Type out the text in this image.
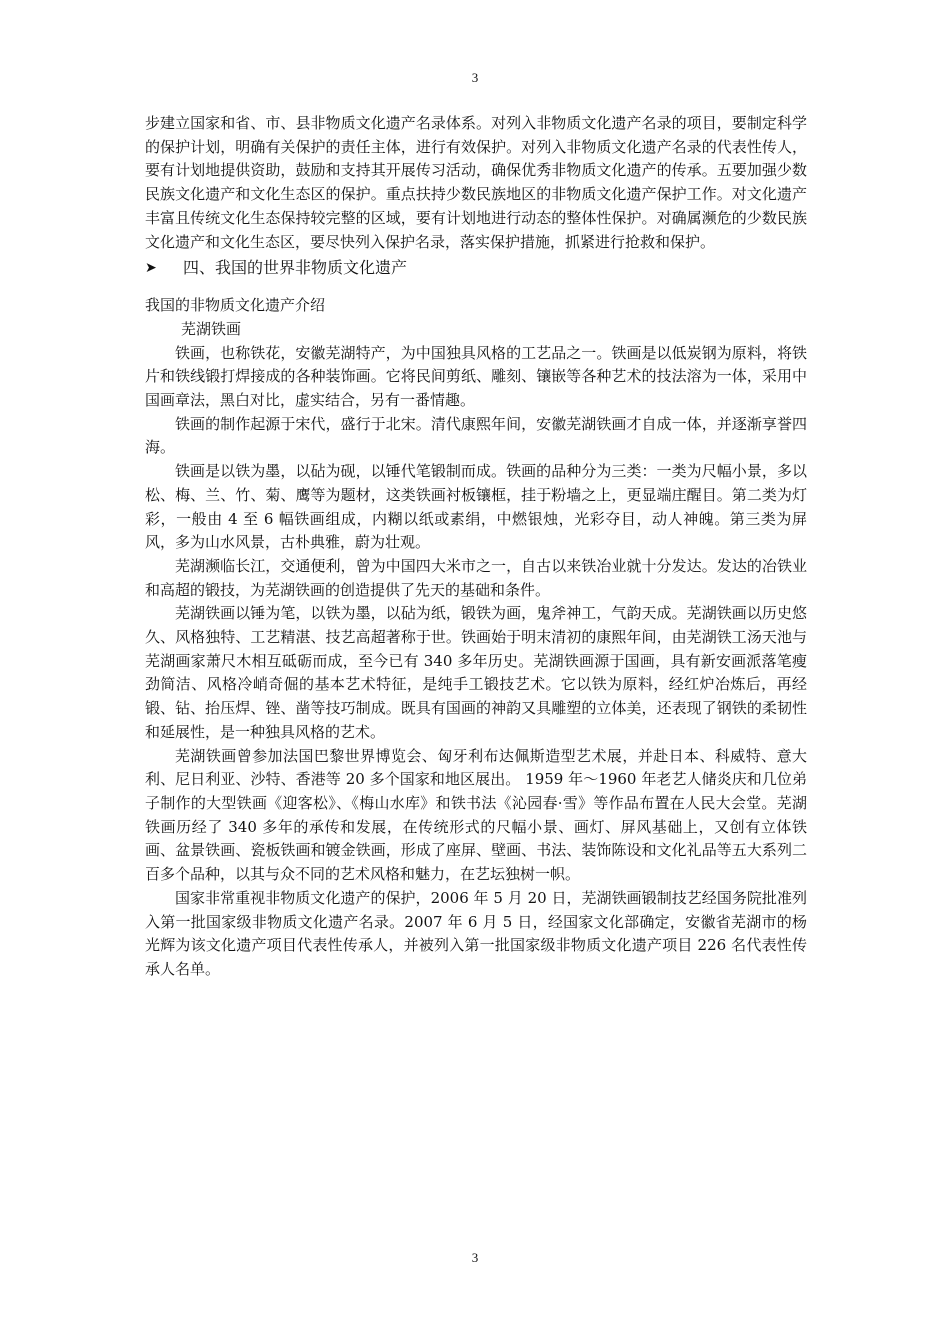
3

步建立国家和省、市、县非物质文化遗产名录体系。对列入非物质文化遗产名录的项目，要制定科学的保护计划，明确有关保护的责任主体，进行有效保护。对列入非物质文化遗产名录的代表性传人，要有计划地提供资助，鼓励和支持其开展传习活动，确保优秀非物质文化遗产的传承。五要加强少数民族文化遗产和文化生态区的保护。重点扶持少数民族地区的非物质文化遗产保护工作。对文化遗产丰富且传统文化生态保持较完整的区域，要有计划地进行动态的整体性保护。对确属濒危的少数民族文化遗产和文化生态区，要尽快列入保护名录，落实保护措施，抓紧进行抢救和保护。

➤	四、我国的世界非物质文化遗产

我国的非物质文化遗产介绍

芜湖铁画

铁画，也称铁花，安徽芜湖特产，为中国独具风格的工艺品之一。铁画是以低炭钢为原料，将铁片和铁线锻打焊接成的各种装饰画。它将民间剪纸、雕刻、镶嵌等各种艺术的技法溶为一体，采用中国画章法，黑白对比，虚实结合，另有一番情趣。

铁画的制作起源于宋代，盛行于北宋。清代康熙年间，安徽芜湖铁画才自成一体，并逐渐享誉四海。

铁画是以铁为墨，以砧为砚，以锤代笔锻制而成。铁画的品种分为三类：一类为尺幅小景，多以松、梅、兰、竹、菊、鹰等为题材，这类铁画衬板镶框，挂于粉墙之上，更显端庄醒目。第二类为灯彩，一般由 4 至 6 幅铁画组成，内糊以纸或素绢，中燃银烛，光彩夺目，动人神魄。第三类为屏风，多为山水风景，古朴典雅，蔚为壮观。

芜湖濒临长江，交通便利，曾为中国四大米市之一，自古以来铁冶业就十分发达。发达的冶铁业和高超的锻技，为芜湖铁画的创造提供了先天的基础和条件。

芜湖铁画以锤为笔，以铁为墨，以砧为纸，锻铁为画，鬼斧神工，气韵天成。芜湖铁画以历史悠久、风格独特、工艺精湛、技艺高超著称于世。铁画始于明末清初的康熙年间，由芜湖铁工汤天池与芜湖画家萧尺木相互砥砺而成，至今已有 340 多年历史。芜湖铁画源于国画，具有新安画派落笔瘦劲简洁、风格冷峭奇倔的基本艺术特征，是纯手工锻技艺术。它以铁为原料，经红炉冶炼后，再经锻、钻、抬压焊、锉、凿等技巧制成。既具有国画的神韵又具雕塑的立体美，还表现了钢铁的柔韧性和延展性，是一种独具风格的艺术。

芜湖铁画曾参加法国巴黎世界博览会、匈牙利布达佩斯造型艺术展，并赴日本、科威特、意大利、尼日利亚、沙特、香港等 20 多个国家和地区展出。 1959 年～1960 年老艺人储炎庆和几位弟子制作的大型铁画《迎客松》、《梅山水库》和铁书法《沁园春·雪》等作品布置在人民大会堂。芜湖铁画历经了 340 多年的承传和发展，在传统形式的尺幅小景、画灯、屏风基础上，又创有立体铁画、盆景铁画、瓷板铁画和镀金铁画，形成了座屏、壁画、书法、装饰陈设和文化礼品等五大系列二百多个品种，以其与众不同的艺术风格和魅力，在艺坛独树一帜。

国家非常重视非物质文化遗产的保护，2006 年 5 月 20 日，芜湖铁画锻制技艺经国务院批准列入第一批国家级非物质文化遗产名录。2007 年 6 月 5 日，经国家文化部确定，安徽省芜湖市的杨光辉为该文化遗产项目代表性传承人，并被列入第一批国家级非物质文化遗产项目 226 名代表性传承人名单。

3
